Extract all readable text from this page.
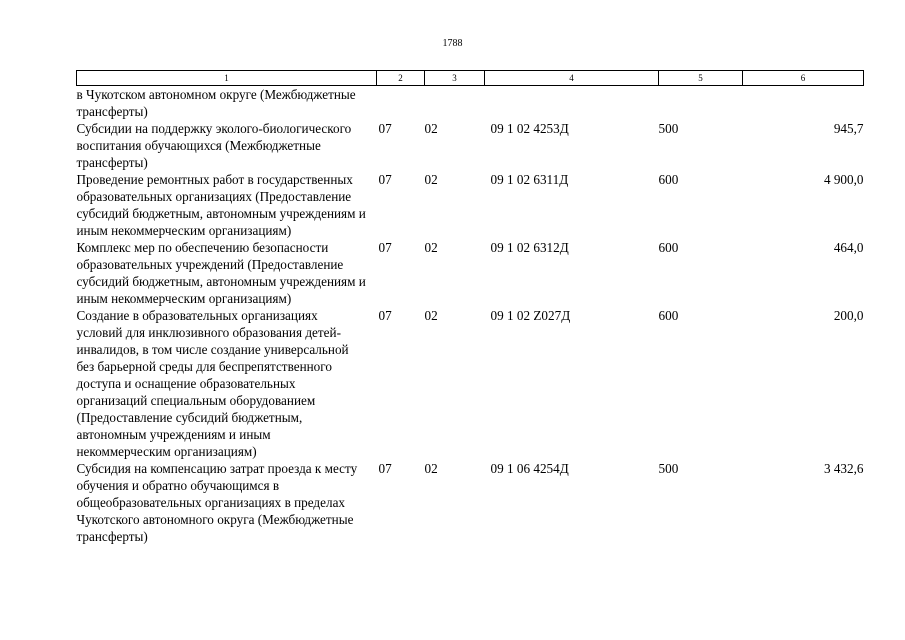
1788
1	2	3	4	5	6
в Чукотском автономном округе (Межбюджетные трансферты)					
Субсидии на поддержку эколого-биологического воспитания обучающихся (Межбюджетные трансферты)	07	02	09 1 02 4253Д	500	945,7
Проведение ремонтных работ в государственных образовательных организациях (Предоставление субсидий бюджетным, автономным учреждениям и иным некоммерческим организациям)	07	02	09 1 02 6311Д	600	4 900,0
Комплекс мер по обеспечению безопасности образовательных учреждений (Предоставление субсидий бюджетным, автономным учреждениям и иным некоммерческим организациям)	07	02	09 1 02 6312Д	600	464,0
Создание в образовательных организациях условий для инклюзивного образования детей-инвалидов, в том числе создание универсальной без барьерной среды для беспрепятственного доступа и оснащение образовательных организаций специальным оборудованием (Предоставление субсидий бюджетным, автономным учреждениям и иным некоммерческим организациям)	07	02	09 1 02 Z027Д	600	200,0
Субсидия на компенсацию затрат проезда к месту обучения и обратно обучающимся в общеобразовательных организациях в пределах Чукотского автономного округа (Межбюджетные трансферты)	07	02	09 1 06 4254Д	500	3 432,6
